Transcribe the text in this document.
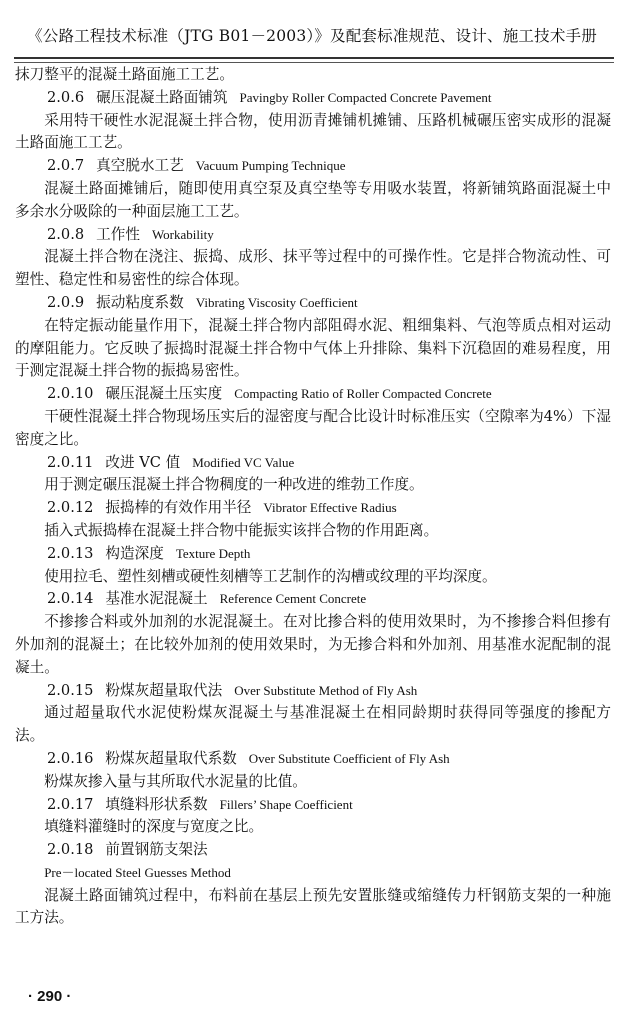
《公路工程技术标准（JTG B01－2003）》及配套标准规范、设计、施工技术手册

抹刀整平的混凝土路面施工工艺。

2.0.6 碾压混凝土路面铺筑 Pavingby Roller Compacted Concrete Pavement

采用特干硬性水泥混凝土拌合物，使用沥青摊铺机摊铺、压路机械碾压密实成形的混凝土路面施工工艺。

2.0.7 真空脱水工艺 Vacuum Pumping Technique

混凝土路面摊铺后，随即使用真空泵及真空垫等专用吸水装置，将新铺筑路面混凝土中多余水分吸除的一种面层施工工艺。

2.0.8 工作性 Workability

混凝土拌合物在浇注、振捣、成形、抹平等过程中的可操作性。它是拌合物流动性、可塑性、稳定性和易密性的综合体现。

2.0.9 振动粘度系数 Vibrating Viscosity Coefficient

在特定振动能量作用下，混凝土拌合物内部阻碍水泥、粗细集料、气泡等质点相对运动的摩阻能力。它反映了振捣时混凝土拌合物中气体上升排除、集料下沉稳固的难易程度，用于测定混凝土拌合物的振捣易密性。

2.0.10 碾压混凝土压实度 Compacting Ratio of Roller Compacted Concrete

干硬性混凝土拌合物现场压实后的湿密度与配合比设计时标准压实（空隙率为4%）下湿密度之比。

2.0.11 改进 VC 值 Modified VC Value

用于测定碾压混凝土拌合物稠度的一种改进的维勃工作度。

2.0.12 振捣棒的有效作用半径 Vibrator Effective Radius

插入式振捣棒在混凝土拌合物中能振实该拌合物的作用距离。

2.0.13 构造深度 Texture Depth

使用拉毛、塑性刻槽或硬性刻槽等工艺制作的沟槽或纹理的平均深度。

2.0.14 基准水泥混凝土 Reference Cement Concrete

不掺掺合料或外加剂的水泥混凝土。在对比掺合料的使用效果时，为不掺掺合料但掺有外加剂的混凝土；在比较外加剂的使用效果时，为无掺合料和外加剂、用基准水泥配制的混凝土。

2.0.15 粉煤灰超量取代法 Over Substitute Method of Fly Ash

通过超量取代水泥使粉煤灰混凝土与基准混凝土在相同龄期时获得同等强度的掺配方法。

2.0.16 粉煤灰超量取代系数 Over Substitute Coefficient of Fly Ash

粉煤灰掺入量与其所取代水泥量的比值。

2.0.17 填缝料形状系数 Fillers’ Shape Coefficient

填缝料灌缝时的深度与宽度之比。

2.0.18 前置钢筋支架法
Pre－located Steel Guesses Method

混凝土路面铺筑过程中，布料前在基层上预先安置胀缝或缩缝传力杆钢筋支架的一种施工方法。

· 290 ·
